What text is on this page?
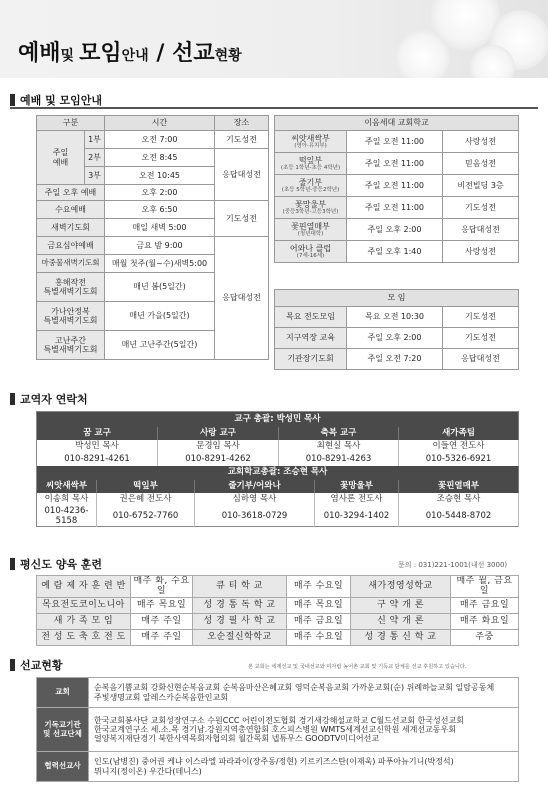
예배및 모임안내 / 선교현황
예배 및 모임안내
구분		시간	장소
주일
예배	1부	오전 7:00	기도성전
	2부	오전 8:45	응답대성전
	3부	오전 10:45	
주일 오후 예배		오후 2:00	
수요예배		오후 6:50	기도성전
새벽기도회		매일 새벽 5:00	
금요심야예배		금요 밤 9:00	응답대성전
마중물새벽기도회		매월 첫주(월~수)새벽5:00	
홍해작전
특별새벽기도회		매년 봄(5일간)	
가나안정복
특별새벽기도회		매년 가을(5일간)	
고난주간
특별새벽기도회		매년 고난주간(5일간)	
이음세대 교회학교		
씨앗새싹부
(영아·유치부)	주일 오전 11:00	사랑성전
떡잎부
(초등 1학년-초등 4학년)	주일 오전 11:00	믿음성전
줄기부
(초등 5학년-중등2학년)	주일 오전 11:00	비전빌딩 3층
꽃망울부
(중등3학년-고등3학년)	주일 오전 11:00	기도성전
꽃핀열매부
(청년대학)	주일 오후 2:00	응답대성전
어와나 클럽
(7세-16세)	주일 오후 1:40	사랑성전
모 임		
목요 전도모임	목요 오전 10:30	기도성전
지구역장 교육	주일 오후 2:00	기도성전
기관장기도회	주일 오전 7:20	응답대성전
교역자 연락처
교구 총괄: 박성민 목사						
꿈 교구		사랑 교구		축복 교구		새가족팀
박성민 목사		문경임 목사		최현실 목사		이들연 전도사
010-8291-4261		010-8291-4262		010-8291-4263		010-5326-6921
교회학교총괄: 조승현 목사						
씨앗새싹부	떡잎부		줄기부/어와나		꽃망울부	꽃핀열매부
이송희 목사	권은혜 전도사		심하영 목사		염사론 전도사	조승현 목사
010-4236-5158	010-6752-7760		010-3618-0729		010-3294-1402	010-5448-8702
평신도 양육 훈련	문의 : 031)221-1001(내선 3000)
예 람 제 자 훈 련 반	매주 화, 수요일	큐 티 학 교	매주 수요일	새가정영성학교	매주 월, 금요일
목요전도코이노니아	매주 목요일	성 경 통 독 학 교	매주 목요일	구 약 개 론	매주 금요일
새 가 족 모 임	매주 주일	성 경 필 사 학 교	매주 금요일	신 약 개 론	매주 화요일
전 성 도 축 호 전 도	매주 주일	오순절신학학교	매주 수요일	성 경 통 신 학 교	주중
선교현황	본 교회는 세계선교 및 국내선교와 미자립 농어촌 교회 및 기독교 단체를 선교 후원하고 있습니다.
교회	순복음기쁨교회 강화신현순복음교회 순복음마산은혜교회 영덕순복음교회 가까운교회(순) 위례하늘교회 일람공동체
주빛생명교회 알레스카순복음한인교회
기독교기관
및 선교단체	한국교회봉사단 교회성장연구소 수원CCC 어린이전도협회 경기새강해설교학교 C월드선교회 한국성선교회
한국교계연구소 세.소.목 경기남.강원지역총연합회 호스피스병원 WMTS세계선교신학원 세계선교동우회
얼양복지재단경기 북한사역목회자협의회 월간목회 넵튜무스 GOODTV미디어선교
협력선교사	인도(남병진) 중어권 케냐 이스라엘 파라과이(장주동/정현) 키르키즈스탄(이재욱) 파푸아뉴기니(박정석)
뮈니지(정이온) 우간다(데니스)
